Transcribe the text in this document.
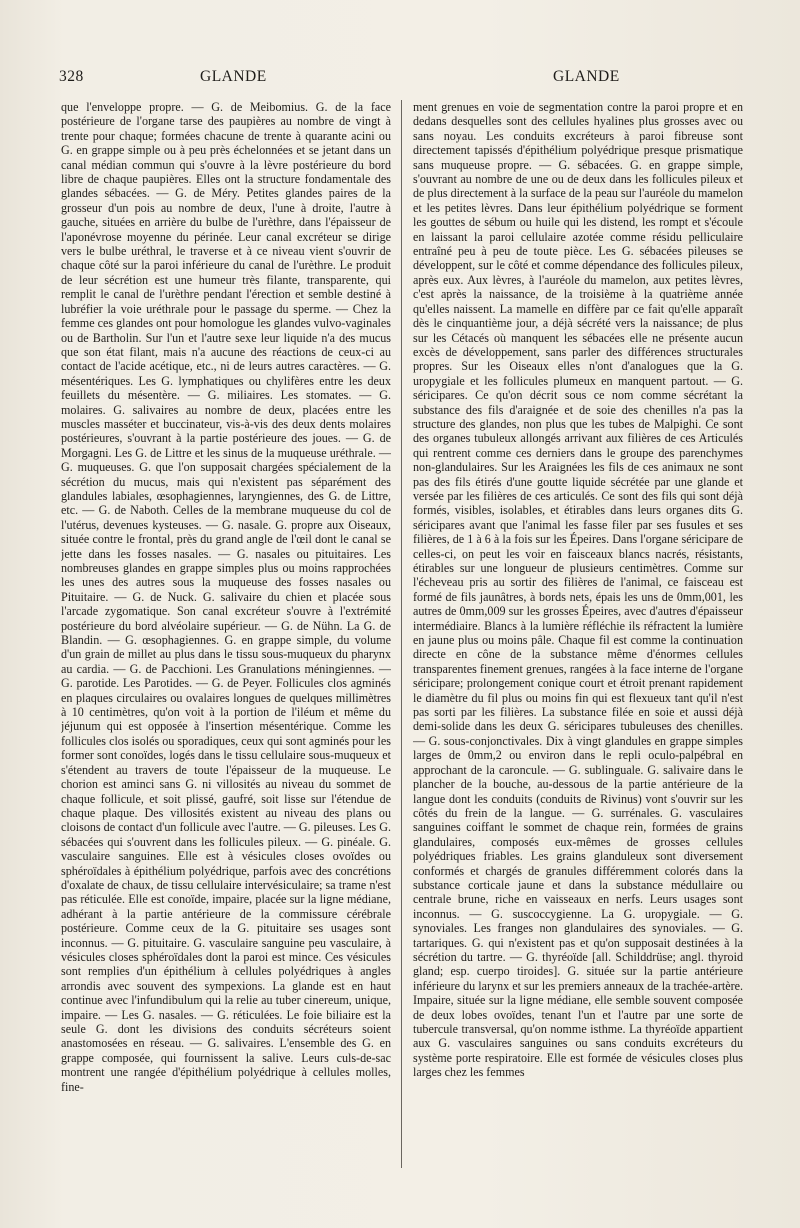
328	GLANDE	GLANDE

que l'enveloppe propre. — G. de Meibomius. G. de la face postérieure de l'organe tarse des paupières au nombre de vingt à trente pour chaque; formées chacune de trente à quarante acini ou G. en grappe simple ou à peu près échelonnées et se jetant dans un canal médian commun qui s'ouvre à la lèvre postérieure du bord libre de chaque paupières. Elles ont la structure fondamentale des glandes sébacées. — G. de Méry. Petites glandes paires de la grosseur d'un pois au nombre de deux, l'une à droite, l'autre à gauche, situées en arrière du bulbe de l'urèthre, dans l'épaisseur de l'aponévrose moyenne du périnée. Leur canal excréteur se dirige vers le bulbe uréthral, le traverse et à ce niveau vient s'ouvrir de chaque côté sur la paroi inférieure du canal de l'urèthre. Le produit de leur sécrétion est une humeur très filante, transparente, qui remplit le canal de l'urèthre pendant l'érection et semble destiné à lubréfier la voie uréthrale pour le passage du sperme. — Chez la femme ces glandes ont pour homologue les glandes vulvo-vaginales ou de Bartholin. Sur l'un et l'autre sexe leur liquide n'a des mucus que son état filant, mais n'a aucune des réactions de ceux-ci au contact de l'acide acétique, etc., ni de leurs autres caractères. — G. mésentériques. Les G. lymphatiques ou chylifères entre les deux feuillets du mésentère. — G. miliaires. Les stomates. — G. molaires. G. salivaires au nombre de deux, placées entre les muscles masséter et buccinateur, vis-à-vis des deux dents molaires postérieures, s'ouvrant à la partie postérieure des joues. — G. de Morgagni. Les G. de Littre et les sinus de la muqueuse uréthrale. — G. muqueuses. G. que l'on supposait chargées spécialement de la sécrétion du mucus, mais qui n'existent pas séparément des glandules labiales, œsophagiennes, laryngiennes, des G. de Littre, etc. — G. de Naboth. Celles de la membrane muqueuse du col de l'utérus, devenues kysteuses. — G. nasale. G. propre aux Oiseaux, située contre le frontal, près du grand angle de l'œil dont le canal se jette dans les fosses nasales. — G. nasales ou pituitaires. Les nombreuses glandes en grappe simples plus ou moins rapprochées les unes des autres sous la muqueuse des fosses nasales ou Pituitaire. — G. de Nuck. G. salivaire du chien et placée sous l'arcade zygomatique. Son canal excréteur s'ouvre à l'extrémité postérieure du bord alvéolaire supérieur. — G. de Nühn. La G. de Blandin. — G. œsophagiennes. G. en grappe simple, du volume d'un grain de millet au plus dans le tissu sous-muqueux du pharynx au cardia. — G. de Pacchioni. Les Granulations méningiennes. — G. parotide. Les Parotides. — G. de Peyer. Follicules clos agminés en plaques circulaires ou ovalaires longues de quelques millimètres à 10 centimètres, qu'on voit à la portion de l'iléum et même du jéjunum qui est opposée à l'insertion mésentérique. Comme les follicules clos isolés ou sporadiques, ceux qui sont agminés pour les former sont conoïdes, logés dans le tissu cellulaire sous-muqueux et s'étendent au travers de toute l'épaisseur de la muqueuse. Le chorion est aminci sans G. ni villosités au niveau du sommet de chaque follicule, et soit plissé, gaufré, soit lisse sur l'étendue de chaque plaque. Des villosités existent au niveau des plans ou cloisons de contact d'un follicule avec l'autre. — G. pileuses. Les G. sébacées qui s'ouvrent dans les follicules pileux. — G. pinéale. G. vasculaire sanguines. Elle est à vésicules closes ovoïdes ou sphéroïdales à épithélium polyédrique, parfois avec des concrétions d'oxalate de chaux, de tissu cellulaire intervésiculaire; sa trame n'est pas réticulée. Elle est conoïde, impaire, placée sur la ligne médiane, adhérant à la partie antérieure de la commissure cérébrale postérieure. Comme ceux de la G. pituitaire ses usages sont inconnus. — G. pituitaire. G. vasculaire sanguine peu vasculaire, à vésicules closes sphéroïdales dont la paroi est mince. Ces vésicules sont remplies d'un épithélium à cellules polyédriques à angles arrondis avec souvent des sympexions. La glande est en haut continue avec l'infundibulum qui la relie au tuber cinereum, unique, impaire. — Les G. nasales. — G. réticulées. Le foie biliaire est la seule G. dont les divisions des conduits sécréteurs soient anastomosées en réseau. — G. salivaires. L'ensemble des G. en grappe composée, qui fournissent la salive. Leurs culs-de-sac montrent une rangée d'épithélium polyédrique à cellules molles, fine-

ment grenues en voie de segmentation contre la paroi propre et en dedans desquelles sont des cellules hyalines plus grosses avec ou sans noyau. Les conduits excréteurs à paroi fibreuse sont directement tapissés d'épithélium polyédrique presque prismatique sans muqueuse propre. — G. sébacées. G. en grappe simple, s'ouvrant au nombre de une ou de deux dans les follicules pileux et de plus directement à la surface de la peau sur l'auréole du mamelon et les petites lèvres. Dans leur épithélium polyédrique se forment les gouttes de sébum ou huile qui les distend, les rompt et s'écoule en laissant la paroi cellulaire azotée comme résidu pelliculaire entraîné peu à peu de toute pièce. Les G. sébacées pileuses se développent, sur le côté et comme dépendance des follicules pileux, après eux. Aux lèvres, à l'auréole du mamelon, aux petites lèvres, c'est après la naissance, de la troisième à la quatrième année qu'elles naissent. La mamelle en diffère par ce fait qu'elle apparaît dès le cinquantième jour, a déjà sécrété vers la naissance; de plus sur les Cétacés où manquent les sébacées elle ne présente aucun excès de développement, sans parler des différences structurales propres. Sur les Oiseaux elles n'ont d'analogues que la G. uropygiale et les follicules plumeux en manquent partout. — G. séricipares. Ce qu'on décrit sous ce nom comme sécrétant la substance des fils d'araignée et de soie des chenilles n'a pas la structure des glandes, non plus que les tubes de Malpighi. Ce sont des organes tubuleux allongés arrivant aux filières de ces Articulés qui rentrent comme ces derniers dans le groupe des parenchymes non-glandulaires. Sur les Araignées les fils de ces animaux ne sont pas des fils étirés d'une goutte liquide sécrétée par une glande et versée par les filières de ces articulés. Ce sont des fils qui sont déjà formés, visibles, isolables, et étirables dans leurs organes dits G. séricipares avant que l'animal les fasse filer par ses fusules et ses filières, de 1 à 6 à la fois sur les Épeires. Dans l'organe séricipare de celles-ci, on peut les voir en faisceaux blancs nacrés, résistants, étirables sur une longueur de plusieurs centimètres. Comme sur l'écheveau pris au sortir des filières de l'animal, ce faisceau est formé de fils jaunâtres, à bords nets, épais les uns de 0mm,001, les autres de 0mm,009 sur les grosses Épeires, avec d'autres d'épaisseur intermédiaire. Blancs à la lumière réfléchie ils réfractent la lumière en jaune plus ou moins pâle. Chaque fil est comme la continuation directe en cône de la substance même d'énormes cellules transparentes finement grenues, rangées à la face interne de l'organe séricipare; prolongement conique court et étroit prenant rapidement le diamètre du fil plus ou moins fin qui est flexueux tant qu'il n'est pas sorti par les filières. La substance filée en soie et aussi déjà demi-solide dans les deux G. séricipares tubuleuses des chenilles. — G. sous-conjonctivales. Dix à vingt glandules en grappe simples larges de 0mm,2 ou environ dans le repli oculo-palpébral en approchant de la caroncule. — G. sublinguale. G. salivaire dans le plancher de la bouche, au-dessous de la partie antérieure de la langue dont les conduits (conduits de Rivinus) vont s'ouvrir sur les côtés du frein de la langue. — G. surrénales. G. vasculaires sanguines coiffant le sommet de chaque rein, formées de grains glandulaires, composés eux-mêmes de grosses cellules polyédriques friables. Les grains glanduleux sont diversement conformés et chargés de granules différemment colorés dans la substance corticale jaune et dans la substance médullaire ou centrale brune, riche en vaisseaux en nerfs. Leurs usages sont inconnus. — G. suscoccygienne. La G. uropygiale. — G. synoviales. Les franges non glandulaires des synoviales. — G. tartariques. G. qui n'existent pas et qu'on supposait destinées à la sécrétion du tartre. — G. thyréoïde [all. Schilddrüse; angl. thyroid gland; esp. cuerpo tiroides]. G. située sur la partie antérieure inférieure du larynx et sur les premiers anneaux de la trachée-artère. Impaire, située sur la ligne médiane, elle semble souvent composée de deux lobes ovoïdes, tenant l'un et l'autre par une sorte de tubercule transversal, qu'on nomme isthme. La thyréoïde appartient aux G. vasculaires sanguines ou sans conduits excréteurs du système porte respiratoire. Elle est formée de vésicules closes plus larges chez les femmes
